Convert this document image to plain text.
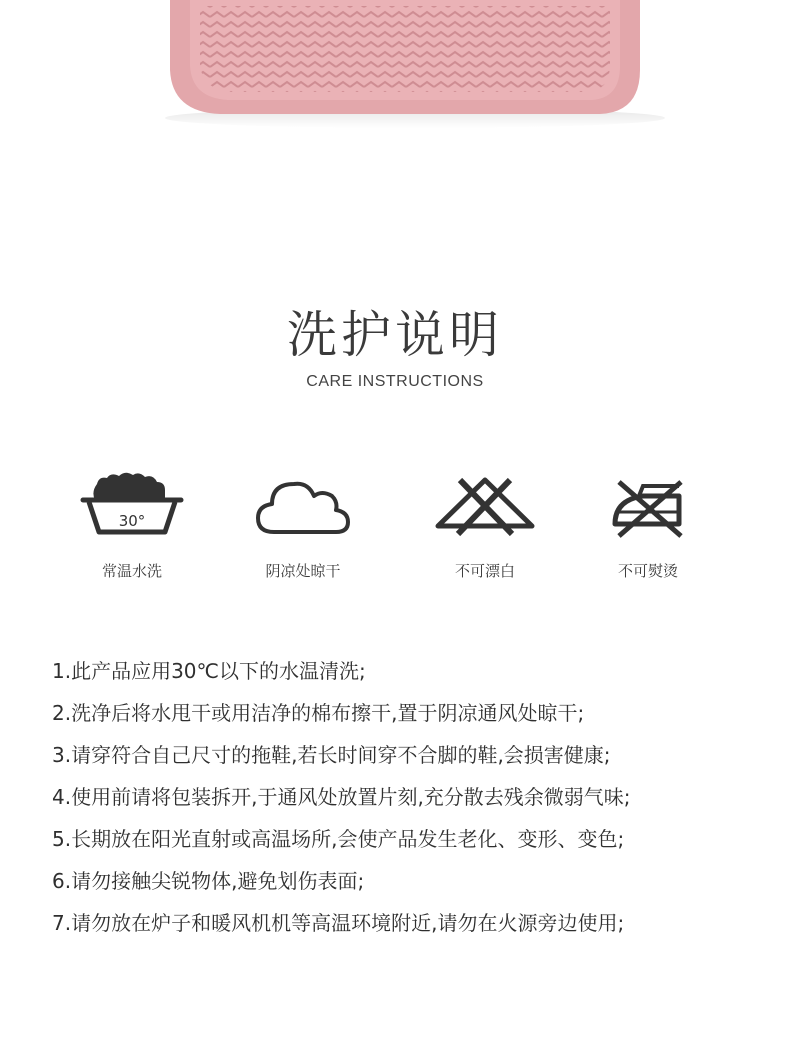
洗护说明
CARE INSTRUCTIONS
30°
常温水洗	阴凉处晾干	不可漂白	不可熨烫
1.此产品应用30℃以下的水温清洗;
2.洗净后将水甩干或用洁净的棉布擦干,置于阴凉通风处晾干;
3.请穿符合自己尺寸的拖鞋,若长时间穿不合脚的鞋,会损害健康;
4.使用前请将包装拆开,于通风处放置片刻,充分散去残余微弱气味;
5.长期放在阳光直射或高温场所,会使产品发生老化、变形、变色;
6.请勿接触尖锐物体,避免划伤表面;
7.请勿放在炉子和暖风机机等高温环境附近,请勿在火源旁边使用;
